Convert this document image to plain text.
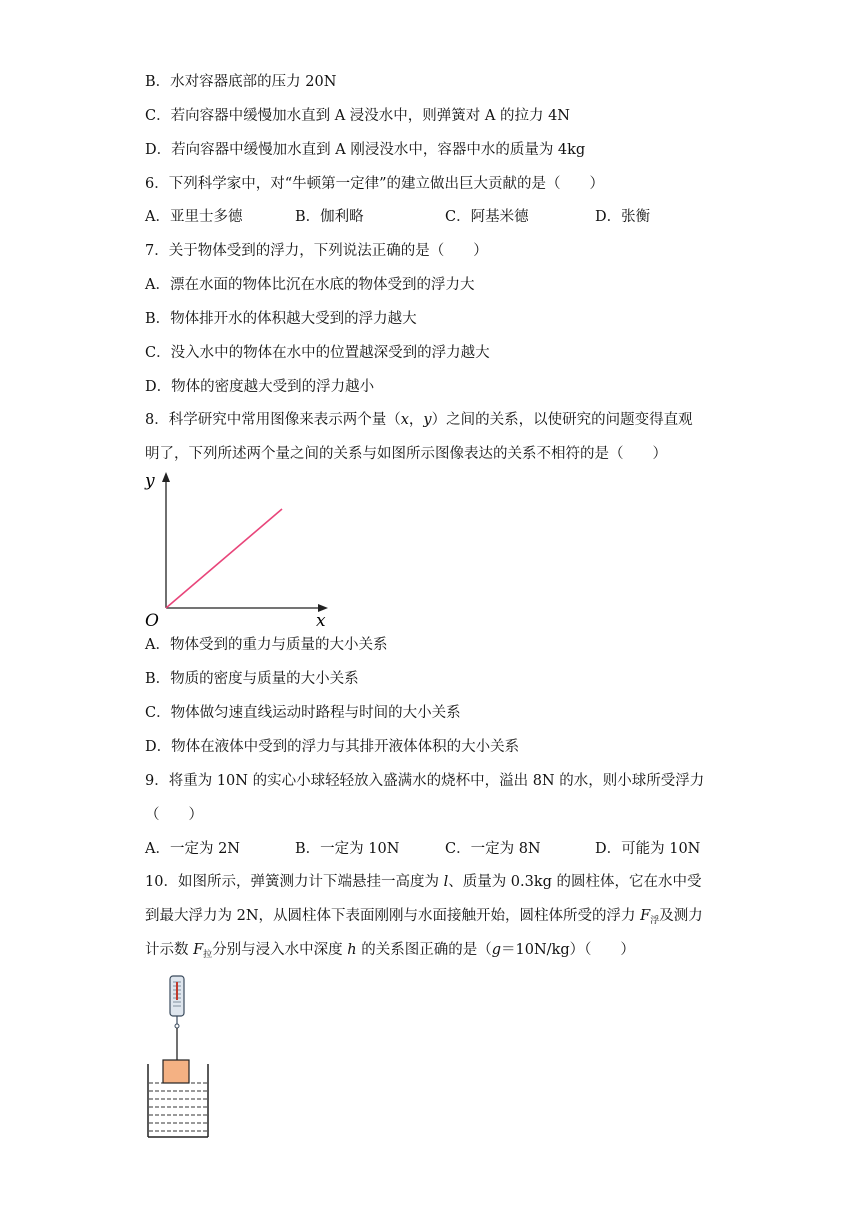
B．水对容器底部的压力 20N
C．若向容器中缓慢加水直到 A 浸没水中，则弹簧对 A 的拉力 4N
D．若向容器中缓慢加水直到 A 刚浸没水中，容器中水的质量为 4kg
6．下列科学家中，对“牛顿第一定律”的建立做出巨大贡献的是（　　）
A．亚里士多德	B．伽利略	C．阿基米德	D．张衡
7．关于物体受到的浮力，下列说法正确的是（　　）
A．漂在水面的物体比沉在水底的物体受到的浮力大
B．物体排开水的体积越大受到的浮力越大
C．没入水中的物体在水中的位置越深受到的浮力越大
D．物体的密度越大受到的浮力越小
8．科学研究中常用图像来表示两个量（x，y）之间的关系，以使研究的问题变得直观
明了，下列所述两个量之间的关系与如图所示图像表达的关系不相符的是（　　）
y
x
O
A．物体受到的重力与质量的大小关系
B．物质的密度与质量的大小关系
C．物体做匀速直线运动时路程与时间的大小关系
D．物体在液体中受到的浮力与其排开液体体积的大小关系
9．将重为 10N 的实心小球轻轻放入盛满水的烧杯中，溢出 8N 的水，则小球所受浮力
（　　）
A．一定为 2N	B．一定为 10N	C．一定为 8N	D．可能为 10N
10．如图所示，弹簧测力计下端悬挂一高度为 l、质量为 0.3kg 的圆柱体，它在水中受
到最大浮力为 2N，从圆柱体下表面刚刚与水面接触开始，圆柱体所受的浮力 $F_浮$及测力
计示数 $F_拉$分别与浸入水中深度 h 的关系图正确的是（g＝10N/kg）（　　）
